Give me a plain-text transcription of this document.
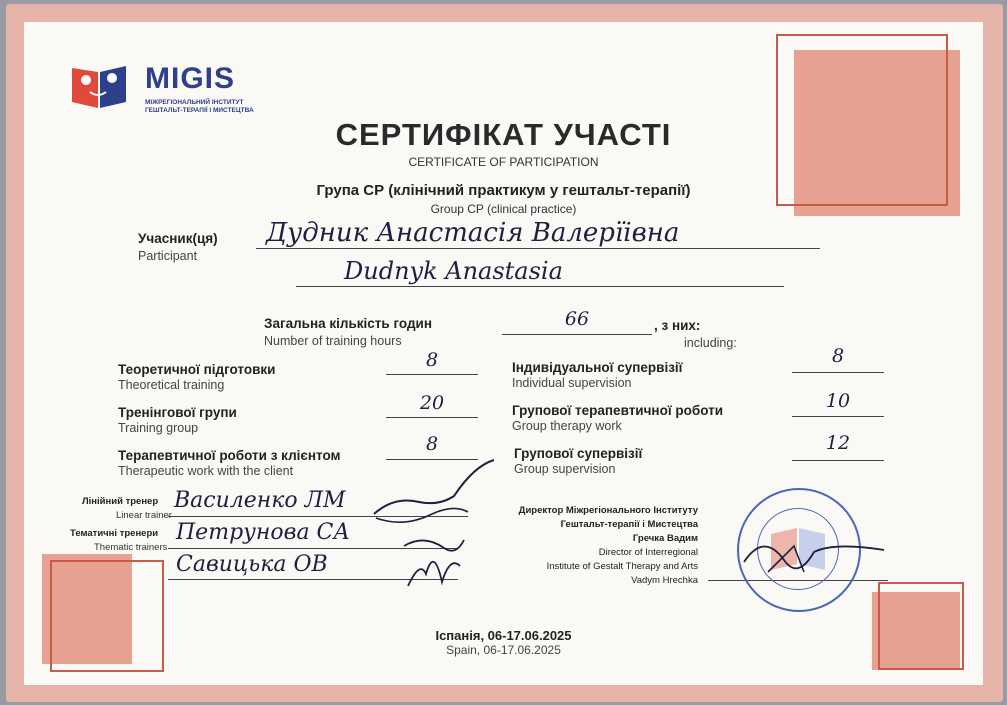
MIGIS
МІЖРЕГІОНАЛЬНИЙ ІНСТИТУТ
ГЕШТАЛЬТ-ТЕРАПІЇ І МИСТЕЦТВА
СЕРТИФІКАТ УЧАСТІ
CERTIFICATE OF PARTICIPATION
Група СР (клінічний практикум у гештальт-терапії)
Group CP (clinical practice)
Учасник(ця)
Participant
Дудник Анастасія Валерїівна
Dudnyk Anastasia
Загальна кількість годин
Number of training hours
66	, з них:
including:
Теоретичної підготовки
Theoretical training
8
Тренінгової групи
Training group
20
Терапевтичної роботи з клієнтом
Therapeutic work with the client
8
Індивідуальної супервізії
Individual supervision
8
Групової терапевтичної роботи
Group therapy work
10
Групової супервізії
Group supervision
12
Лінійний тренер
Linear trainer
Василенко ЛМ
Тематичні тренери
Thematic trainers
Петрунова СА
Савицька ОВ
Директор Міжрегіонального Інституту
Гештальт-терапії і Мистецтва
Гречка Вадим
Director of Interregional
Institute of Gestalt Therapy and Arts
Vadym Hrechka
Іспанія, 06-17.06.2025
Spain, 06-17.06.2025
